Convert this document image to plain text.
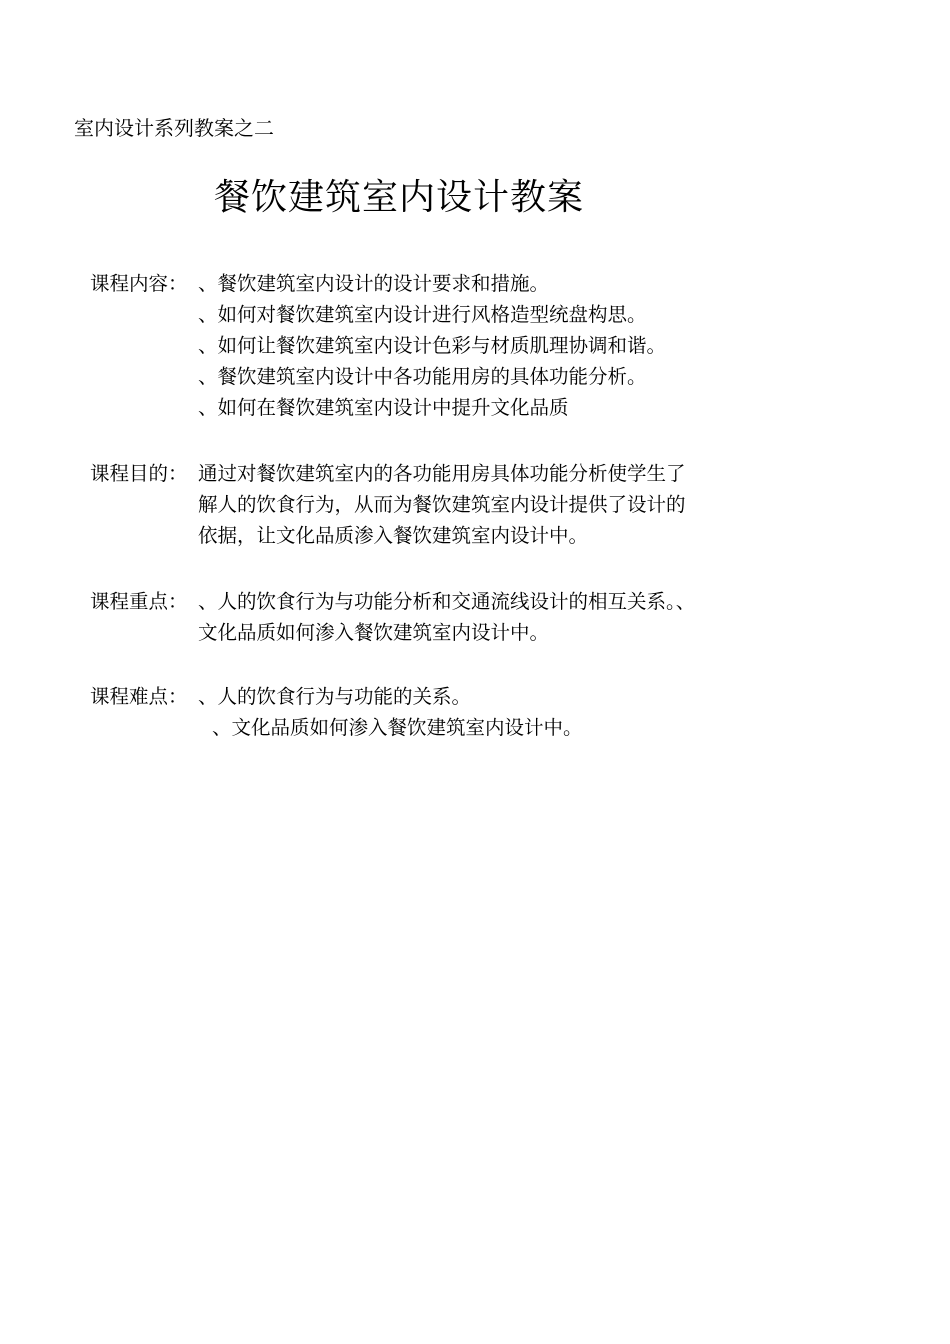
室内设计系列教案之二
餐饮建筑室内设计教案
课程内容： 、餐饮建筑室内设计的设计要求和措施。
、如何对餐饮建筑室内设计进行风格造型统盘构思。
、如何让餐饮建筑室内设计色彩与材质肌理协调和谐。
、餐饮建筑室内设计中各功能用房的具体功能分析。
、如何在餐饮建筑室内设计中提升文化品质
课程目的： 通过对餐饮建筑室内的各功能用房具体功能分析使学生了
解人的饮食行为，从而为餐饮建筑室内设计提供了设计的
依据，让文化品质渗入餐饮建筑室内设计中。
课程重点： 、人的饮食行为与功能分析和交通流线设计的相互关系。、
文化品质如何渗入餐饮建筑室内设计中。
课程难点： 、人的饮食行为与功能的关系。
、文化品质如何渗入餐饮建筑室内设计中。
